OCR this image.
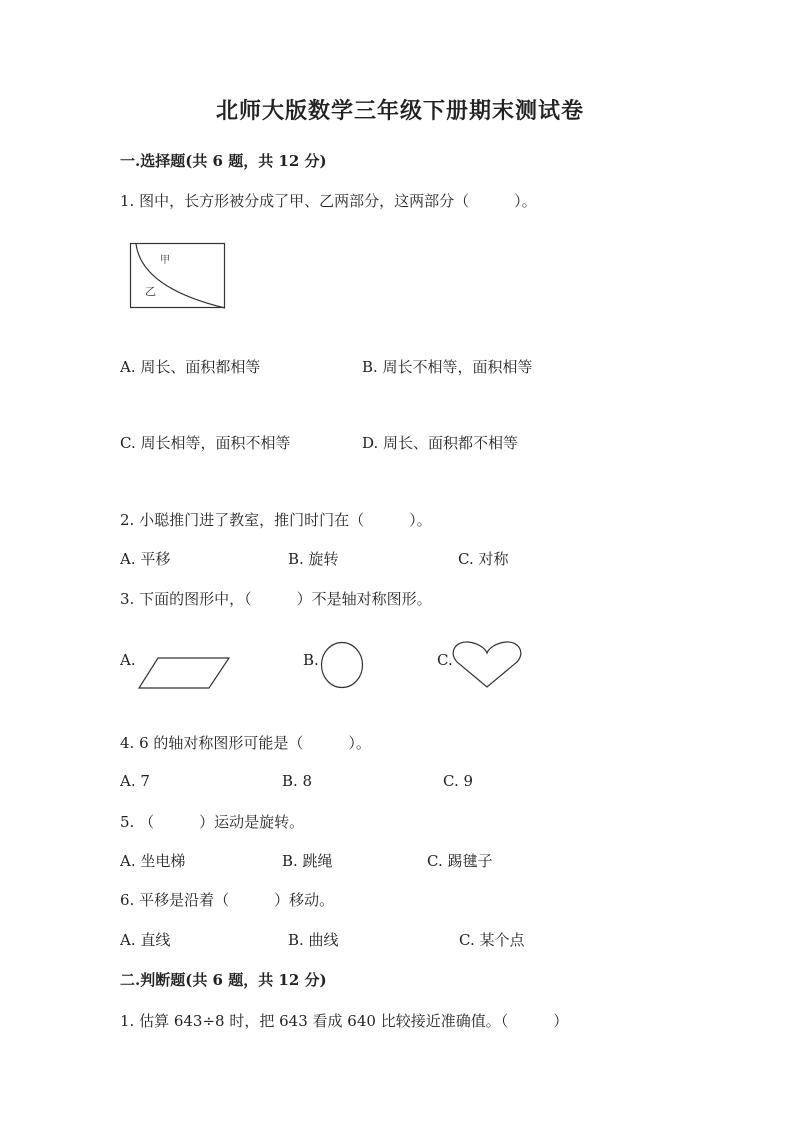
北师大版数学三年级下册期末测试卷
一.选择题(共 6 题，共 12 分)
1. 图中，长方形被分成了甲、乙两部分，这两部分（　　　）。
甲
乙
A. 周长、面积都相等	B. 周长不相等，面积相等
C. 周长相等，面积不相等	D. 周长、面积都不相等
2. 小聪推门进了教室，推门时门在（　　　）。
A. 平移	B. 旋转	C. 对称
3. 下面的图形中，（　　　）不是轴对称图形。
A.	B.	C.
4. 6 的轴对称图形可能是（　　　）。
A. 7	B. 8	C. 9
5. （　　　）运动是旋转。
A. 坐电梯	B. 跳绳	C. 踢毽子
6. 平移是沿着（　　　）移动。
A. 直线	B. 曲线	C. 某个点
二.判断题(共 6 题，共 12 分)
1. 估算 643÷8 时，把 643 看成 640 比较接近准确值。（　　　）
